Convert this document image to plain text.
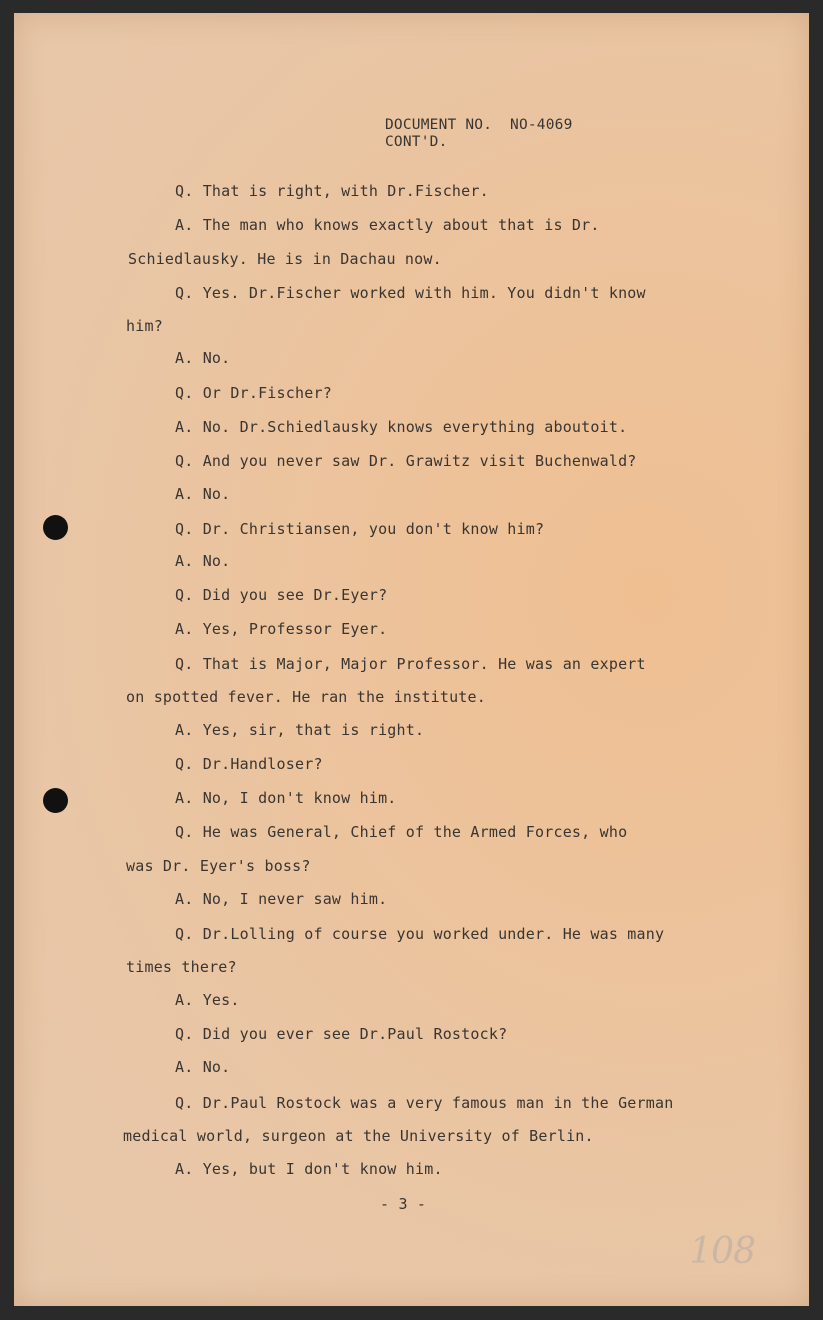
DOCUMENT NO.  NO-4069
CONT'D.
Q. That is right, with Dr.Fischer.
A. The man who knows exactly about that is Dr.
Schiedlausky. He is in Dachau now.
Q. Yes. Dr.Fischer worked with him. You didn't know
him?
A. No.
Q. Or Dr.Fischer?
A. No. Dr.Schiedlausky knows everything aboutoit.
Q. And you never saw Dr. Grawitz visit Buchenwald?
A. No.
Q. Dr. Christiansen, you don't know him?
A. No.
Q. Did you see Dr.Eyer?
A. Yes, Professor Eyer.
Q. That is Major, Major Professor. He was an expert
on spotted fever. He ran the institute.
A. Yes, sir, that is right.
Q. Dr.Handloser?
A. No, I don't know him.
Q. He was General, Chief of the Armed Forces, who
was Dr. Eyer's boss?
A. No, I never saw him.
Q. Dr.Lolling of course you worked under. He was many
times there?
A. Yes.
Q. Did you ever see Dr.Paul Rostock?
A. No.
Q. Dr.Paul Rostock was a very famous man in the German
medical world, surgeon at the University of Berlin.
A. Yes, but I don't know him.
- 3 -
108
